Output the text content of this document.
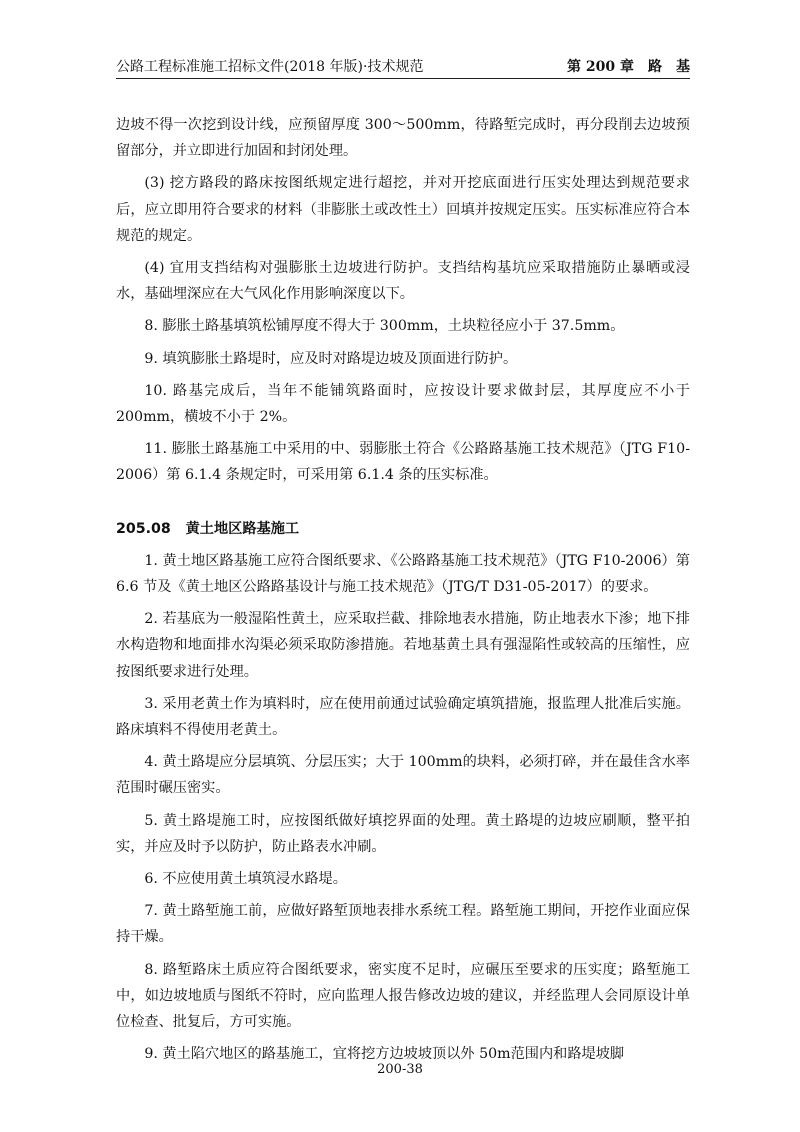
公路工程标准施工招标文件(2018 年版)·技术规范	第 200 章　路　基

边坡不得一次挖到设计线，应预留厚度 300～500mm，待路堑完成时，再分段削去边坡预留部分，并立即进行加固和封闭处理。

(3) 挖方路段的路床按图纸规定进行超挖，并对开挖底面进行压实处理达到规范要求后，应立即用符合要求的材料（非膨胀土或改性土）回填并按规定压实。压实标准应符合本规范的规定。

(4) 宜用支挡结构对强膨胀土边坡进行防护。支挡结构基坑应采取措施防止暴晒或浸水，基础埋深应在大气风化作用影响深度以下。

8. 膨胀土路基填筑松铺厚度不得大于 300mm，土块粒径应小于 37.5mm。

9. 填筑膨胀土路堤时，应及时对路堤边坡及顶面进行防护。

10. 路基完成后，当年不能铺筑路面时，应按设计要求做封层，其厚度应不小于 200mm，横坡不小于 2%。

11. 膨胀土路基施工中采用的中、弱膨胀土符合《公路路基施工技术规范》（JTG F10-2006）第 6.1.4 条规定时，可采用第 6.1.4 条的压实标准。

205.08 黄土地区路基施工

1. 黄土地区路基施工应符合图纸要求、《公路路基施工技术规范》（JTG F10-2006）第 6.6 节及《黄土地区公路路基设计与施工技术规范》（JTG/T D31-05-2017）的要求。

2. 若基底为一般湿陷性黄土，应采取拦截、排除地表水措施，防止地表水下渗；地下排水构造物和地面排水沟渠必须采取防渗措施。若地基黄土具有强湿陷性或较高的压缩性，应按图纸要求进行处理。

3. 采用老黄土作为填料时，应在使用前通过试验确定填筑措施，报监理人批准后实施。路床填料不得使用老黄土。

4. 黄土路堤应分层填筑、分层压实；大于 100mm的块料，必须打碎，并在最佳含水率范围时碾压密实。

5. 黄土路堤施工时，应按图纸做好填挖界面的处理。黄土路堤的边坡应刷顺，整平拍实，并应及时予以防护，防止路表水冲刷。

6. 不应使用黄土填筑浸水路堤。

7. 黄土路堑施工前，应做好路堑顶地表排水系统工程。路堑施工期间，开挖作业面应保持干燥。

8. 路堑路床土质应符合图纸要求，密实度不足时，应碾压至要求的压实度；路堑施工中，如边坡地质与图纸不符时，应向监理人报告修改边坡的建议，并经监理人会同原设计单位检查、批复后，方可实施。

9. 黄土陷穴地区的路基施工，宜将挖方边坡坡顶以外 50m范围内和路堤坡脚

200-38
